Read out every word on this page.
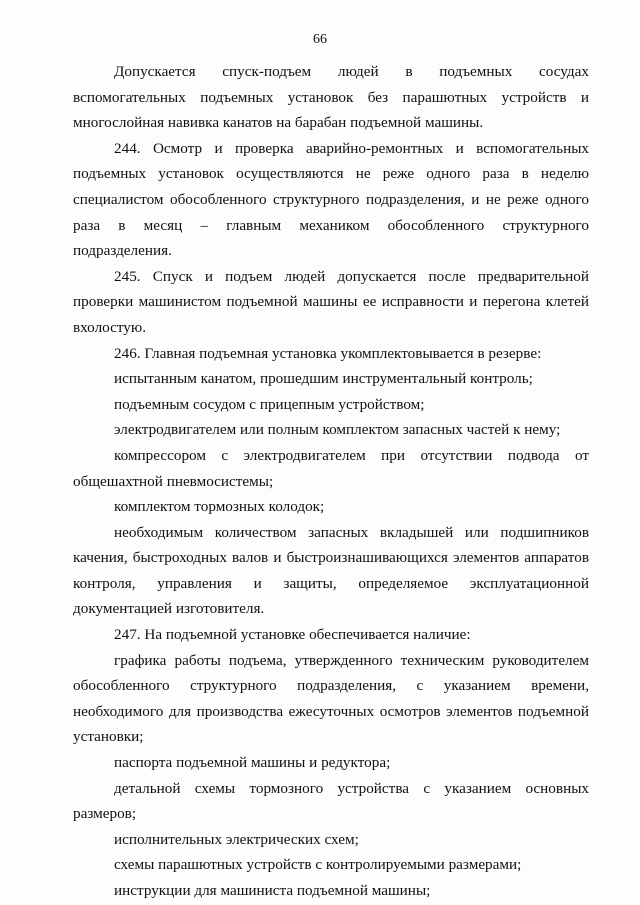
66

Допускается спуск-подъем людей в подъемных сосудах вспомогательных подъемных установок без парашютных устройств и многослойная навивка канатов на барабан подъемной машины.

244. Осмотр и проверка аварийно-ремонтных и вспомогательных подъемных установок осуществляются не реже одного раза в неделю специалистом обособленного структурного подразделения, и не реже одного раза в месяц – главным механиком обособленного структурного подразделения.

245. Спуск и подъем людей допускается после предварительной проверки машинистом подъемной машины ее исправности и перегона клетей вхолостую.

246. Главная подъемная установка укомплектовывается в резерве:

испытанным канатом, прошедшим инструментальный контроль;

подъемным сосудом с прицепным устройством;

электродвигателем или полным комплектом запасных частей к нему;

компрессором с электродвигателем при отсутствии подвода от общешахтной пневмосистемы;

комплектом тормозных колодок;

необходимым количеством запасных вкладышей или подшипников качения, быстроходных валов и быстроизнашивающихся элементов аппаратов контроля, управления и защиты, определяемое эксплуатационной документацией изготовителя.

247. На подъемной установке обеспечивается наличие:

графика работы подъема, утвержденного техническим руководителем обособленного структурного подразделения, с указанием времени, необходимого для производства ежесуточных осмотров элементов подъемной установки;

паспорта подъемной машины и редуктора;

детальной схемы тормозного устройства с указанием основных размеров;

исполнительных электрических схем;

схемы парашютных устройств с контролируемыми размерами;

инструкции для машиниста подъемной машины;
